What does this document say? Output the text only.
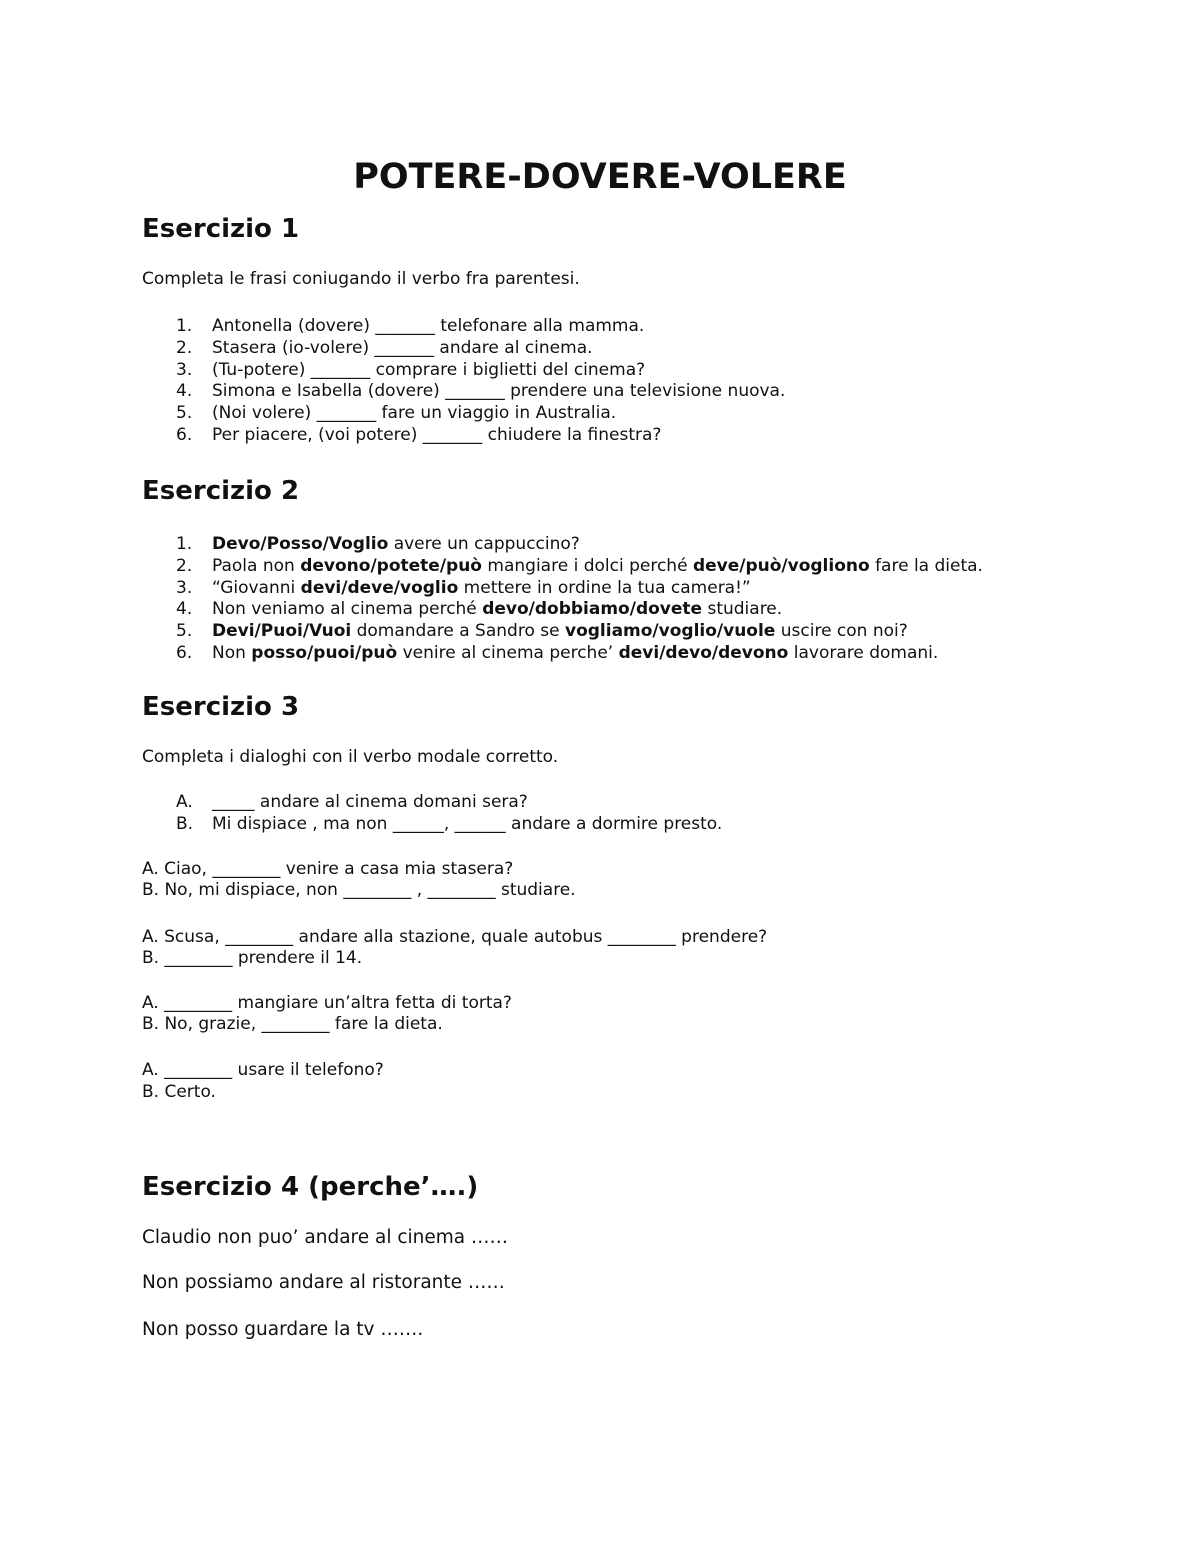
POTERE-DOVERE-VOLERE
Esercizio 1
Completa le frasi coniugando il verbo fra parentesi.
1. Antonella (dovere) _______ telefonare alla mamma.
2. Stasera (io-volere) _______ andare al cinema.
3. (Tu-potere) _______ comprare i biglietti del cinema?
4. Simona e Isabella (dovere) _______ prendere una televisione nuova.
5. (Noi volere) _______ fare un viaggio in Australia.
6. Per piacere, (voi potere) _______ chiudere la finestra?
Esercizio 2
1. Devo/Posso/Voglio avere un cappuccino?
2. Paola non devono/potete/può mangiare i dolci perché deve/può/vogliono fare la dieta.
3. “Giovanni devi/deve/voglio mettere in ordine la tua camera!”
4. Non veniamo al cinema perché devo/dobbiamo/dovete studiare.
5. Devi/Puoi/Vuoi domandare a Sandro se vogliamo/voglio/vuole uscire con noi?
6. Non posso/puoi/può venire al cinema perche’ devi/devo/devono lavorare domani.
Esercizio 3
Completa i dialoghi con il verbo modale corretto.
A. _____ andare al cinema domani sera?
B. Mi dispiace , ma non ______, ______ andare a dormire presto.
A. Ciao, ________ venire a casa mia stasera?
B. No, mi dispiace, non ________ , ________ studiare.
A. Scusa, ________ andare alla stazione, quale autobus ________ prendere?
B. ________ prendere il 14.
A. ________ mangiare un’altra fetta di torta?
B. No, grazie, ________ fare la dieta.
A. ________ usare il telefono?
B. Certo.
Esercizio 4 (perche’….)
Claudio non puo’ andare al cinema ……
Non possiamo andare al ristorante ……
Non posso guardare la tv …….
